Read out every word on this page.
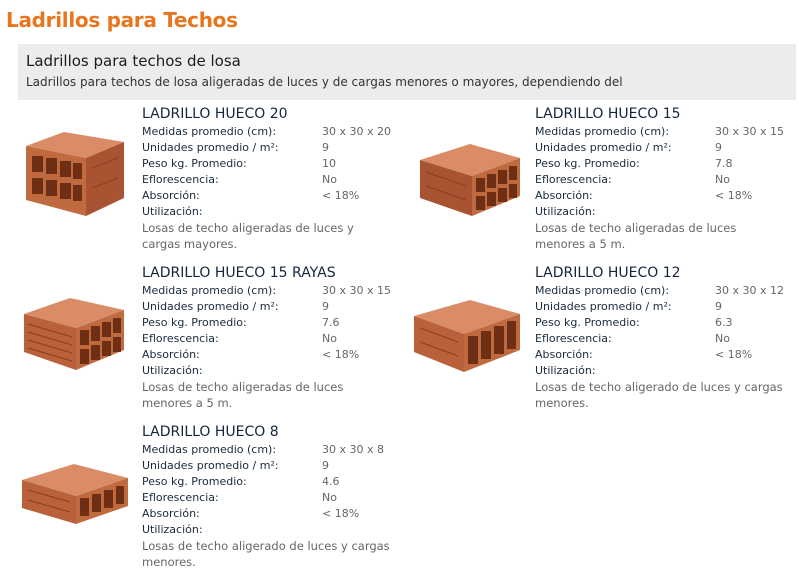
Ladrillos para Techos
Ladrillos para techos de losa
Ladrillos para techos de losa aligeradas de luces y de cargas menores o mayores, dependiendo del
LADRILLO HUECO 20
Medidas promedio (cm):	30 x 30 x 20
Unidades promedio / m²:	9
Peso kg. Promedio:	10
Eflorescencia:	No
Absorción:	< 18%
Utilización:
Losas de techo aligeradas de luces y cargas mayores.
LADRILLO HUECO 15
Medidas promedio (cm):	30 x 30 x 15
Unidades promedio / m²:	9
Peso kg. Promedio:	7.8
Eflorescencia:	No
Absorción:	< 18%
Utilización:
Losas de techo aligeradas de luces menores a 5 m.
LADRILLO HUECO 15 RAYAS
Medidas promedio (cm):	30 x 30 x 15
Unidades promedio / m²:	9
Peso kg. Promedio:	7.6
Eflorescencia:	No
Absorción:	< 18%
Utilización:
Losas de techo aligeradas de luces menores a 5 m.
LADRILLO HUECO 12
Medidas promedio (cm):	30 x 30 x 12
Unidades promedio / m²:	9
Peso kg. Promedio:	6.3
Eflorescencia:	No
Absorción:	< 18%
Utilización:
Losas de techo aligerado de luces y cargas menores.
LADRILLO HUECO 8
Medidas promedio (cm):	30 x 30 x 8
Unidades promedio / m²:	9
Peso kg. Promedio:	4.6
Eflorescencia:	No
Absorción:	< 18%
Utilización:
Losas de techo aligerado de luces y cargas menores.
